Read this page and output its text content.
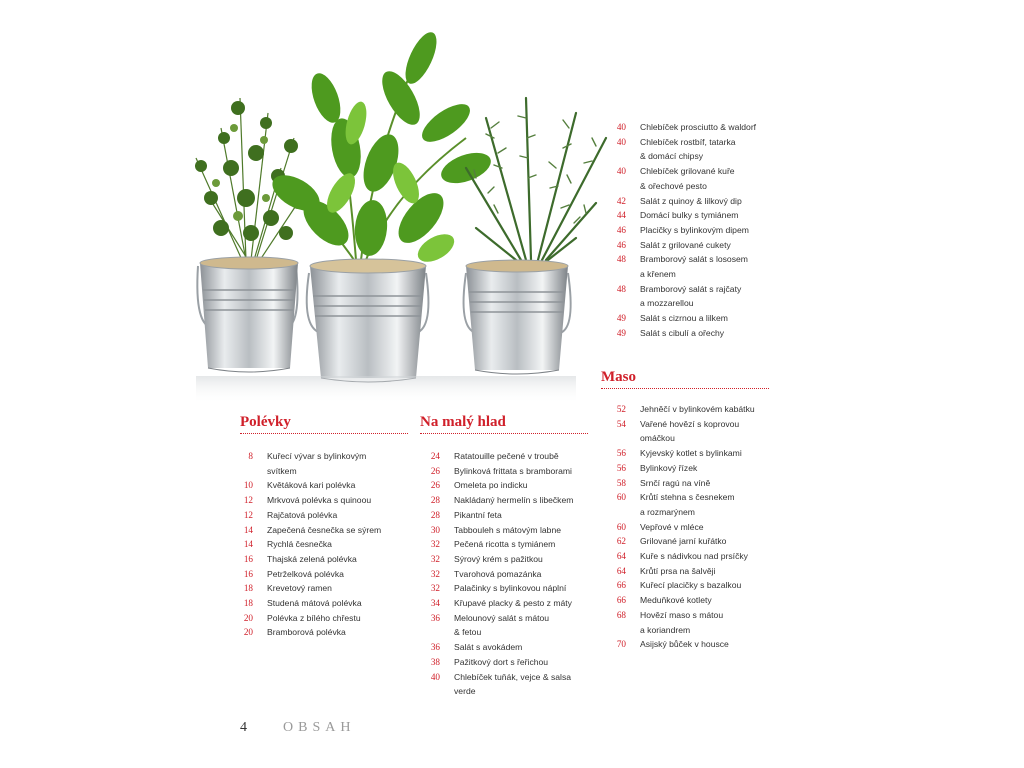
Polévky
8 Kuřecí vývar s bylinkovým
svítkem
10 Květáková kari polévka
12 Mrkvová polévka s quinoou
12 Rajčatová polévka
14 Zapečená česnečka se sýrem
14 Rychlá česnečka
16 Thajská zelená polévka
16 Petrželková polévka
18 Krevetový ramen
18 Studená mátová polévka
20 Polévka z bílého chřestu
20 Bramborová polévka
Na malý hlad
24 Ratatouille pečené v troubě
26 Bylinková frittata s bramborami
26 Omeleta po indicku
28 Nakládaný hermelín s libečkem
28 Pikantní feta
30 Tabbouleh s mátovým labne
32 Pečená ricotta s tymiánem
32 Sýrový krém s pažitkou
32 Tvarohová pomazánka
32 Palačinky s bylinkovou náplní
34 Křupavé placky & pesto z máty
36 Melounový salát s mátou
& fetou
36 Salát s avokádem
38 Pažitkový dort s řeřichou
40 Chlebíček tuňák, vejce & salsa
verde
40 Chlebíček prosciutto & waldorf
40 Chlebíček rostbíf, tatarka
& domácí chipsy
40 Chlebíček grilované kuře
& ořechové pesto
42 Salát z quinoy & lilkový dip
44 Domácí bulky s tymiánem
46 Placičky s bylinkovým dipem
46 Salát z grilované cukety
48 Bramborový salát s lososem
a křenem
48 Bramborový salát s rajčaty
a mozzarellou
49 Salát s cizrnou a lilkem
49 Salát s cibulí a ořechy
Maso
52 Jehněčí v bylinkovém kabátku
54 Vařené hovězí s koprovou
omáčkou
56 Kyjevský kotlet s bylinkami
56 Bylinkový řízek
58 Srnčí ragú na víně
60 Krůtí stehna s česnekem
a rozmarýnem
60 Vepřové v mléce
62 Grilované jarní kuřátko
64 Kuře s nádivkou nad prsíčky
64 Krůtí prsa na šalvěji
66 Kuřecí placičky s bazalkou
66 Meduňkové kotlety
68 Hovězí maso s mátou
a koriandrem
70 Asijský bůček v housce
4	OBSAH
